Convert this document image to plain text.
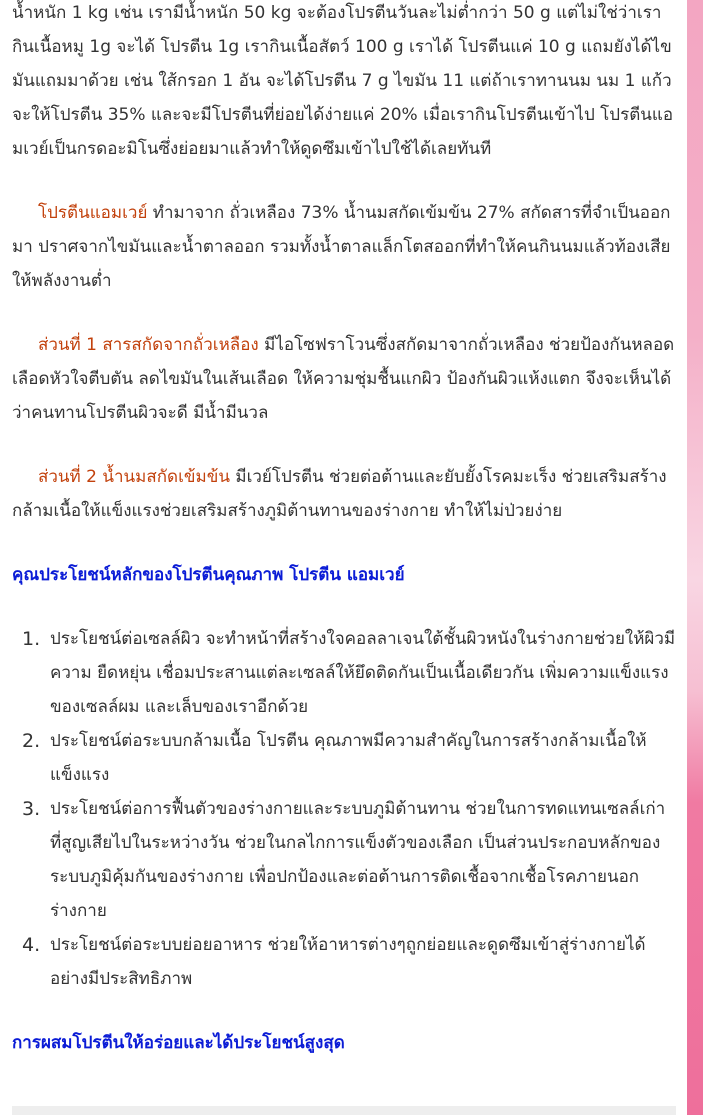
น้ำหนัก 1 kg เช่น เรามีน้ำหนัก 50 kg จะต้องโปรตีนวันละไม่ต่ำกว่า 50 g แต่ไม่ใช่ว่าเรากินเนื้อหมู 1g จะได้ โปรตีน 1g เรากินเนื้อสัตว์ 100 g เราได้ โปรตีนแค่ 10 g แถมยังได้ไขมันแถมมาด้วย เช่น ใส้กรอก 1 อัน จะได้โปรตีน 7 g ไขมัน 11 แต่ถ้าเราทานนม นม 1 แก้วจะให้โปรตีน 35% และจะมีโปรตีนที่ย่อยได้ง่ายแค่ 20% เมื่อเรากินโปรตีนเข้าไป โปรตีนแอมเวย์เป็นกรดอะมิโนซึ่งย่อยมาแล้วทำให้ดูดซึมเข้าไปใช้ได้เลยทันที

โปรตีนแอมเวย์ ทำมาจาก ถั่วเหลือง 73% น้ำนมสกัดเข้มข้น 27% สกัดสารที่จำเป็นออกมา ปราศจากไขมันและน้ำตาลออก รวมทั้งน้ำตาลแล็กโตสออกที่ทำให้คนกินนมแล้วท้องเสีย ให้พลังงานต่ำ

ส่วนที่ 1 สารสกัดจากถั่วเหลือง มีไอโซฟราโวนซึ่งสกัดมาจากถั่วเหลือง ช่วยป้องกันหลอดเลือดหัวใจตีบตัน ลดไขมันในเส้นเลือด ให้ความชุ่มชื้นแกผิว ป้องกันผิวแห้งแตก จึงจะเห็นได้ว่าคนทานโปรตีนผิวจะดี มีน้ำมีนวล

ส่วนที่ 2 น้ำนมสกัดเข้มข้น มีเวย์โปรตีน ช่วยต่อต้านและยับยั้งโรคมะเร็ง ช่วยเสริมสร้างกล้ามเนื้อให้แข็งแรงช่วยเสริมสร้างภูมิต้านทานของร่างกาย ทำให้ไม่ป่วยง่าย

คุณประโยชน์หลักของโปรตีนคุณภาพ โปรตีน แอมเวย์
1. ประโยชน์ต่อเซลล์ผิว จะทำหน้าที่สร้างใจคอลลาเจนใต้ชั้นผิวหนังในร่างกายช่วยให้ผิวมีความ ยืดหยุ่น เชื่อมประสานแต่ละเซลล์ให้ยึดติดกันเป็นเนื้อเดียวกัน เพิ่มความแข็งแรงของเซลล์ผม และเล็บของเราอีกด้วย
2. ประโยชน์ต่อระบบกล้ามเนื้อ โปรตีน คุณภาพมีความสำคัญในการสร้างกล้ามเนื้อให้แข็งแรง
3. ประโยชน์ต่อการฟื้นตัวของร่างกายและระบบภูมิต้านทาน ช่วยในการทดแทนเซลล์เก่าที่สูญเสียไปในระหว่างวัน ช่วยในกลไกการแข็งตัวของเลือก เป็นส่วนประกอบหลักของระบบภูมิคุ้มกันของร่างกาย เพื่อปกป้องและต่อต้านการติดเชื้อจากเชื้อโรคภายนอกร่างกาย
4. ประโยชน์ต่อระบบย่อยอาหาร ช่วยให้อาหารต่างๆถูกย่อยและดูดซึมเข้าสู่ร่างกายได้อย่างมีประสิทธิภาพ
การผสมโปรตีนให้อร่อยและได้ประโยชน์สูงสุด
